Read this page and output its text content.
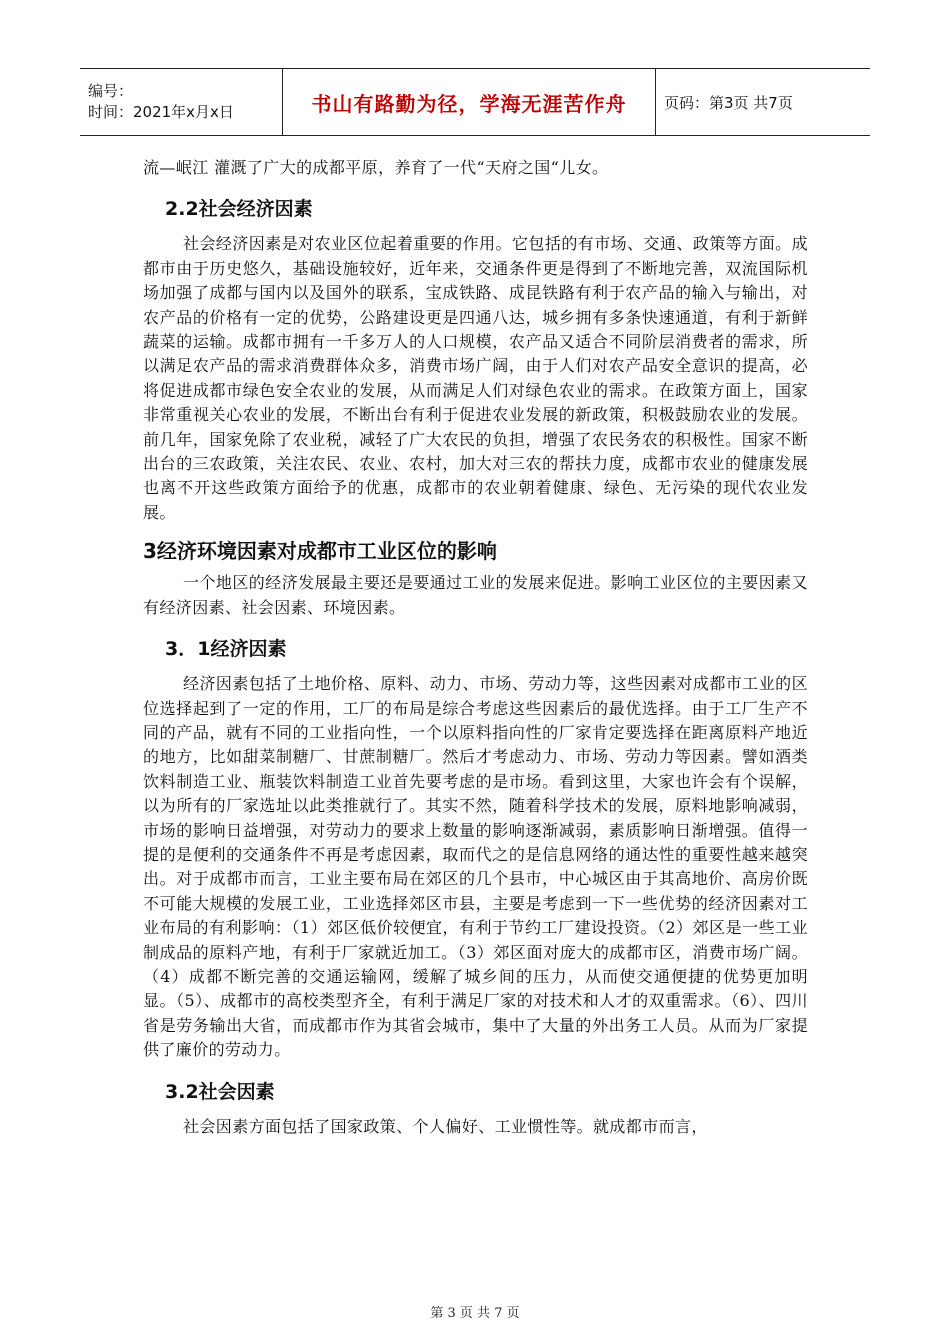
编号：
时间：2021年x月x日	书山有路勤为径，学海无涯苦作舟	页码：第3页 共7页

流—岷江 灌溉了广大的成都平原，养育了一代“天府之国“儿女。

2.2社会经济因素

社会经济因素是对农业区位起着重要的作用。它包括的有市场、交通、政策等方面。成都市由于历史悠久，基础设施较好，近年来，交通条件更是得到了不断地完善，双流国际机场加强了成都与国内以及国外的联系，宝成铁路、成昆铁路有利于农产品的输入与输出，对农产品的价格有一定的优势，公路建设更是四通八达，城乡拥有多条快速通道，有利于新鲜蔬菜的运输。成都市拥有一千多万人的人口规模，农产品又适合不同阶层消费者的需求，所以满足农产品的需求消费群体众多，消费市场广阔，由于人们对农产品安全意识的提高，必将促进成都市绿色安全农业的发展，从而满足人们对绿色农业的需求。在政策方面上，国家非常重视关心农业的发展，不断出台有利于促进农业发展的新政策，积极鼓励农业的发展。前几年，国家免除了农业税，减轻了广大农民的负担，增强了农民务农的积极性。国家不断出台的三农政策，关注农民、农业、农村，加大对三农的帮扶力度，成都市农业的健康发展也离不开这些政策方面给予的优惠，成都市的农业朝着健康、绿色、无污染的现代农业发展。

3经济环境因素对成都市工业区位的影响

一个地区的经济发展最主要还是要通过工业的发展来促进。影响工业区位的主要因素又有经济因素、社会因素、环境因素。

3．1经济因素

经济因素包括了土地价格、原料、动力、市场、劳动力等，这些因素对成都市工业的区位选择起到了一定的作用，工厂的布局是综合考虑这些因素后的最优选择。由于工厂生产不同的产品，就有不同的工业指向性，一个以原料指向性的厂家肯定要选择在距离原料产地近的地方，比如甜菜制糖厂、甘蔗制糖厂。然后才考虑动力、市场、劳动力等因素。譬如酒类饮料制造工业、瓶装饮料制造工业首先要考虑的是市场。看到这里，大家也许会有个误解，以为所有的厂家选址以此类推就行了。其实不然，随着科学技术的发展，原料地影响减弱，市场的影响日益增强，对劳动力的要求上数量的影响逐渐减弱，素质影响日渐增强。值得一提的是便利的交通条件不再是考虑因素，取而代之的是信息网络的通达性的重要性越来越突出。对于成都市而言，工业主要布局在郊区的几个县市，中心城区由于其高地价、高房价既不可能大规模的发展工业，工业选择郊区市县，主要是考虑到一下一些优势的经济因素对工业布局的有利影响：（1）郊区低价较便宜，有利于节约工厂建设投资。（2）郊区是一些工业制成品的原料产地，有利于厂家就近加工。（3）郊区面对庞大的成都市区，消费市场广阔。（4）成都不断完善的交通运输网，缓解了城乡间的压力，从而使交通便捷的优势更加明显。（5）、成都市的高校类型齐全，有利于满足厂家的对技术和人才的双重需求。（6）、四川省是劳务输出大省，而成都市作为其省会城市，集中了大量的外出务工人员。从而为厂家提供了廉价的劳动力。

3.2社会因素

社会因素方面包括了国家政策、个人偏好、工业惯性等。就成都市而言，

第 3 页 共 7 页
